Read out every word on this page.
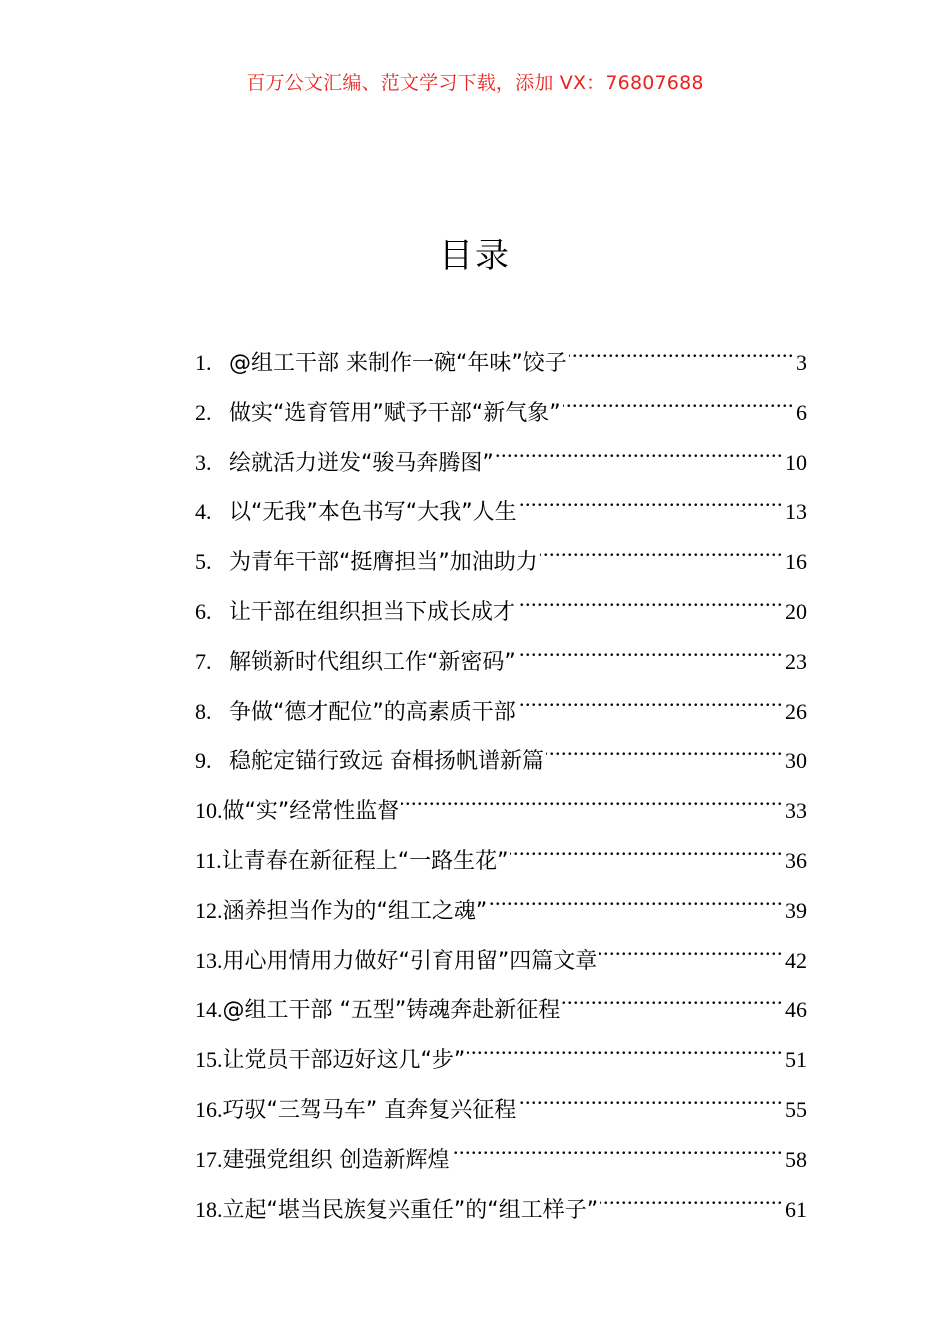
百万公文汇编、范文学习下载，添加 VX：76807688
目录
1. @组工干部 来制作一碗“年味”饺子 .....	3
2. 做实“选育管用”赋予干部“新气象” .....	6
3. 绘就活力迸发“骏马奔腾图” .....	10
4. 以“无我”本色书写“大我”人生 .....	13
5. 为青年干部“挺膺担当”加油助力 .....	16
6. 让干部在组织担当下成长成才 .....	20
7. 解锁新时代组织工作“新密码” .....	23
8. 争做“德才配位”的高素质干部 .....	26
9. 稳舵定锚行致远 奋楫扬帆谱新篇 .....	30
10. 做“实”经常性监督 .....	33
11. 让青春在新征程上“一路生花” .....	36
12. 涵养担当作为的“组工之魂” .....	39
13. 用心用情用力做好“引育用留”四篇文章 .....	42
14. @组工干部 “五型”铸魂奔赴新征程 .....	46
15. 让党员干部迈好这几“步” .....	51
16. 巧驭“三驾马车” 直奔复兴征程 .....	55
17. 建强党组织 创造新辉煌 .....	58
18. 立起“堪当民族复兴重任”的“组工样子” .....	61
